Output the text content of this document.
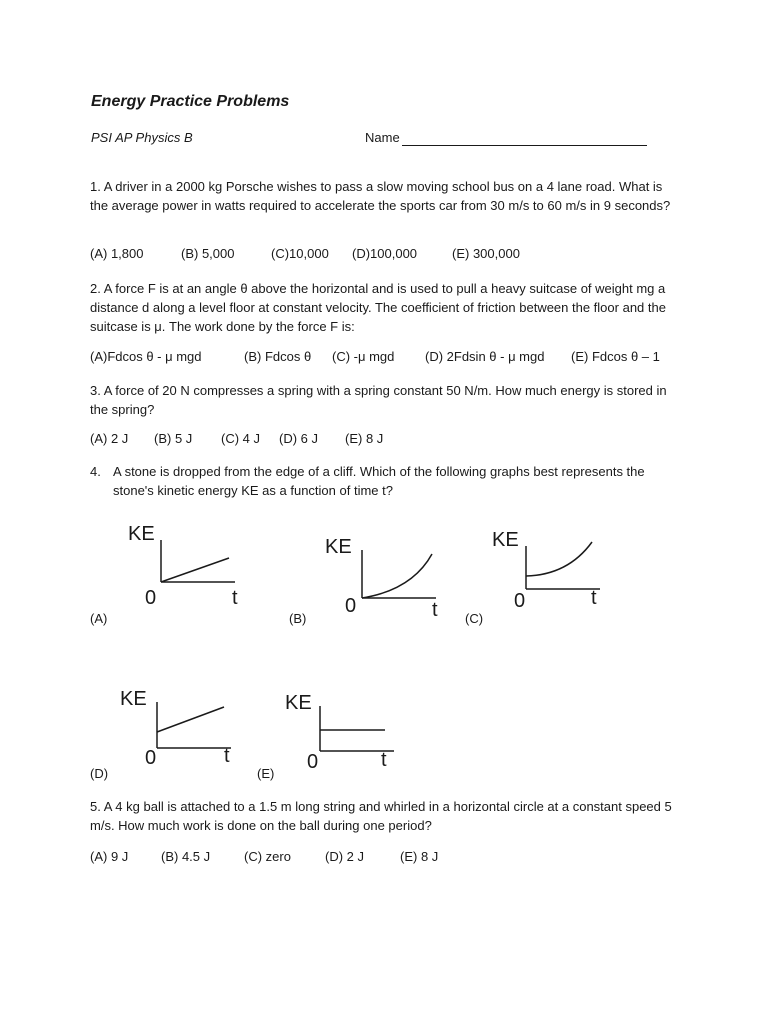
Energy Practice Problems
PSI AP Physics B	Name
1. A driver in a 2000 kg Porsche wishes to pass a slow moving school bus on a 4 lane road. What is the average power in watts required to accelerate the sports car from 30 m/s to 60 m/s in 9 seconds?
(A) 1,800	(B) 5,000	(C)10,000 (D)100,000	(E) 300,000
2. A force F is at an angle θ above the horizontal and is used to pull a heavy suitcase of weight mg a distance d along a level floor at constant velocity. The coefficient of friction between the floor and the suitcase is μ. The work done by the force F is:
(A)Fdcos θ - μ mgd	(B) Fdcos θ (C) -μ mgd (D) 2Fdsin θ - μ mgd (E) Fdcos θ – 1
3. A force of 20 N compresses a spring with a spring constant 50 N/m. How much energy is stored in the spring?
(A) 2 J (B) 5 J (C) 4 J (D) 6 J (E) 8 J
4. A stone is dropped from the edge of a cliff. Which of the following graphs best represents the stone's kinetic energy KE as a function of time t?
KE
0	t
(A)
KE
0	t
(B)
KE
0	t
(C)
KE
0	t
(D)
KE
0	t
(E)
5. A 4 kg ball is attached to a 1.5 m long string and whirled in a horizontal circle at a constant speed 5 m/s. How much work is done on the ball during one period?
(A) 9 J	(B) 4.5 J	(C) zero	(D) 2 J	(E) 8 J
